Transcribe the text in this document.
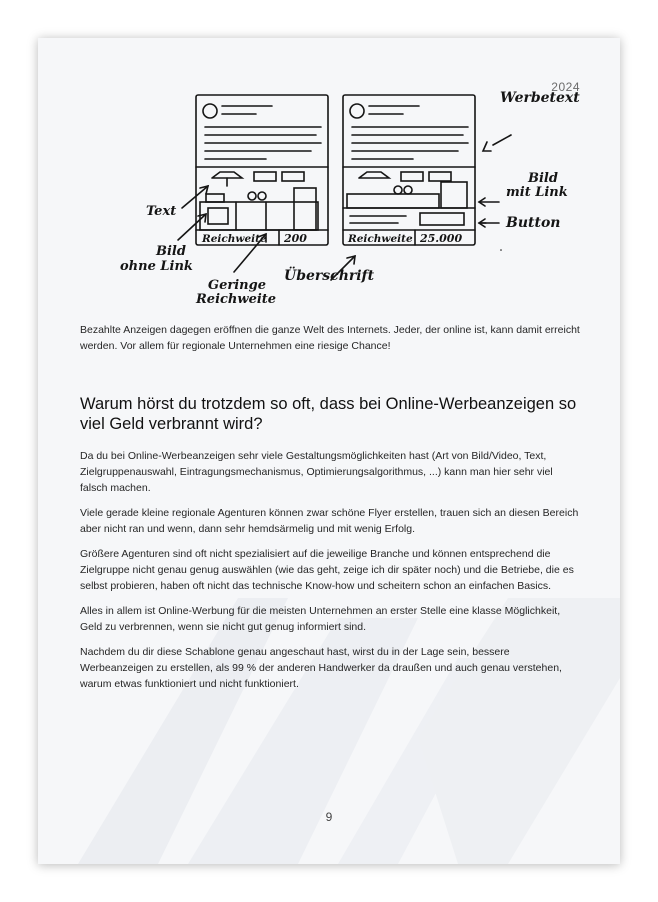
2024
Text
Bild
ohne Link
Geringe
Reichweite
Überschrift
Werbetext
Bild
mit Link
Button
Reichweite 200	Reichweite 25.000

Bezahlte Anzeigen dagegen eröffnen die ganze Welt des Internets. Jeder, der online ist, kann damit erreicht werden. Vor allem für regionale Unternehmen eine riesige Chance!

Warum hörst du trotzdem so oft, dass bei Online-Werbeanzeigen so viel Geld verbrannt wird?

Da du bei Online-Werbeanzeigen sehr viele Gestaltungsmöglichkeiten hast (Art von Bild/Video, Text, Zielgruppenauswahl, Eintragungsmechanismus, Optimierungsalgorithmus, ...) kann man hier sehr viel falsch machen.

Viele gerade kleine regionale Agenturen können zwar schöne Flyer erstellen, trauen sich an diesen Bereich aber nicht ran und wenn, dann sehr hemdsärmelig und mit wenig Erfolg.

Größere Agenturen sind oft nicht spezialisiert auf die jeweilige Branche und können entsprechend die Zielgruppe nicht genau genug auswählen (wie das geht, zeige ich dir später noch) und die Betriebe, die es selbst probieren, haben oft nicht das technische Know-how und scheitern schon an einfachen Basics.

Alles in allem ist Online-Werbung für die meisten Unternehmen an erster Stelle eine klasse Möglichkeit, Geld zu verbrennen, wenn sie nicht gut genug informiert sind.

Nachdem du dir diese Schablone genau angeschaut hast, wirst du in der Lage sein, bessere Werbeanzeigen zu erstellen, als 99 % der anderen Handwerker da draußen und auch genau verstehen, warum etwas funktioniert und nicht funktioniert.

9
